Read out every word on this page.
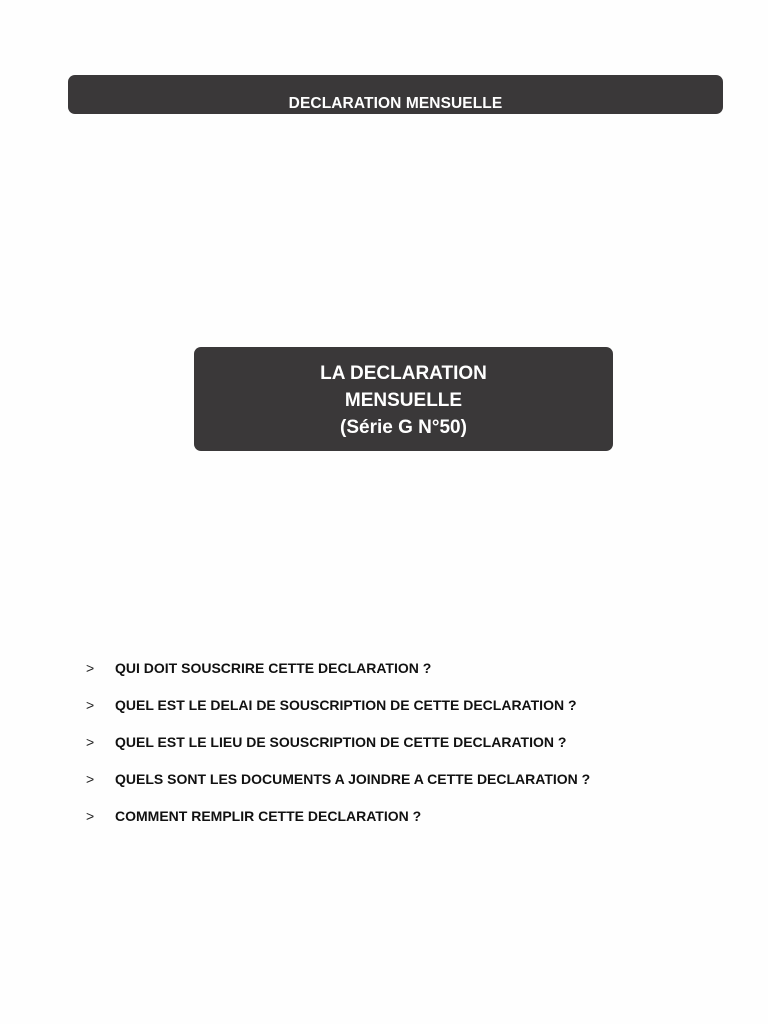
DECLARATION MENSUELLE
LA DECLARATION
MENSUELLE
(Série G N°50)
> QUI DOIT SOUSCRIRE CETTE DECLARATION ?
> QUEL EST LE DELAI DE SOUSCRIPTION DE CETTE DECLARATION ?
> QUEL EST LE LIEU DE SOUSCRIPTION DE CETTE DECLARATION ?
> QUELS SONT LES DOCUMENTS A JOINDRE A CETTE DECLARATION ?
> COMMENT REMPLIR CETTE DECLARATION ?
